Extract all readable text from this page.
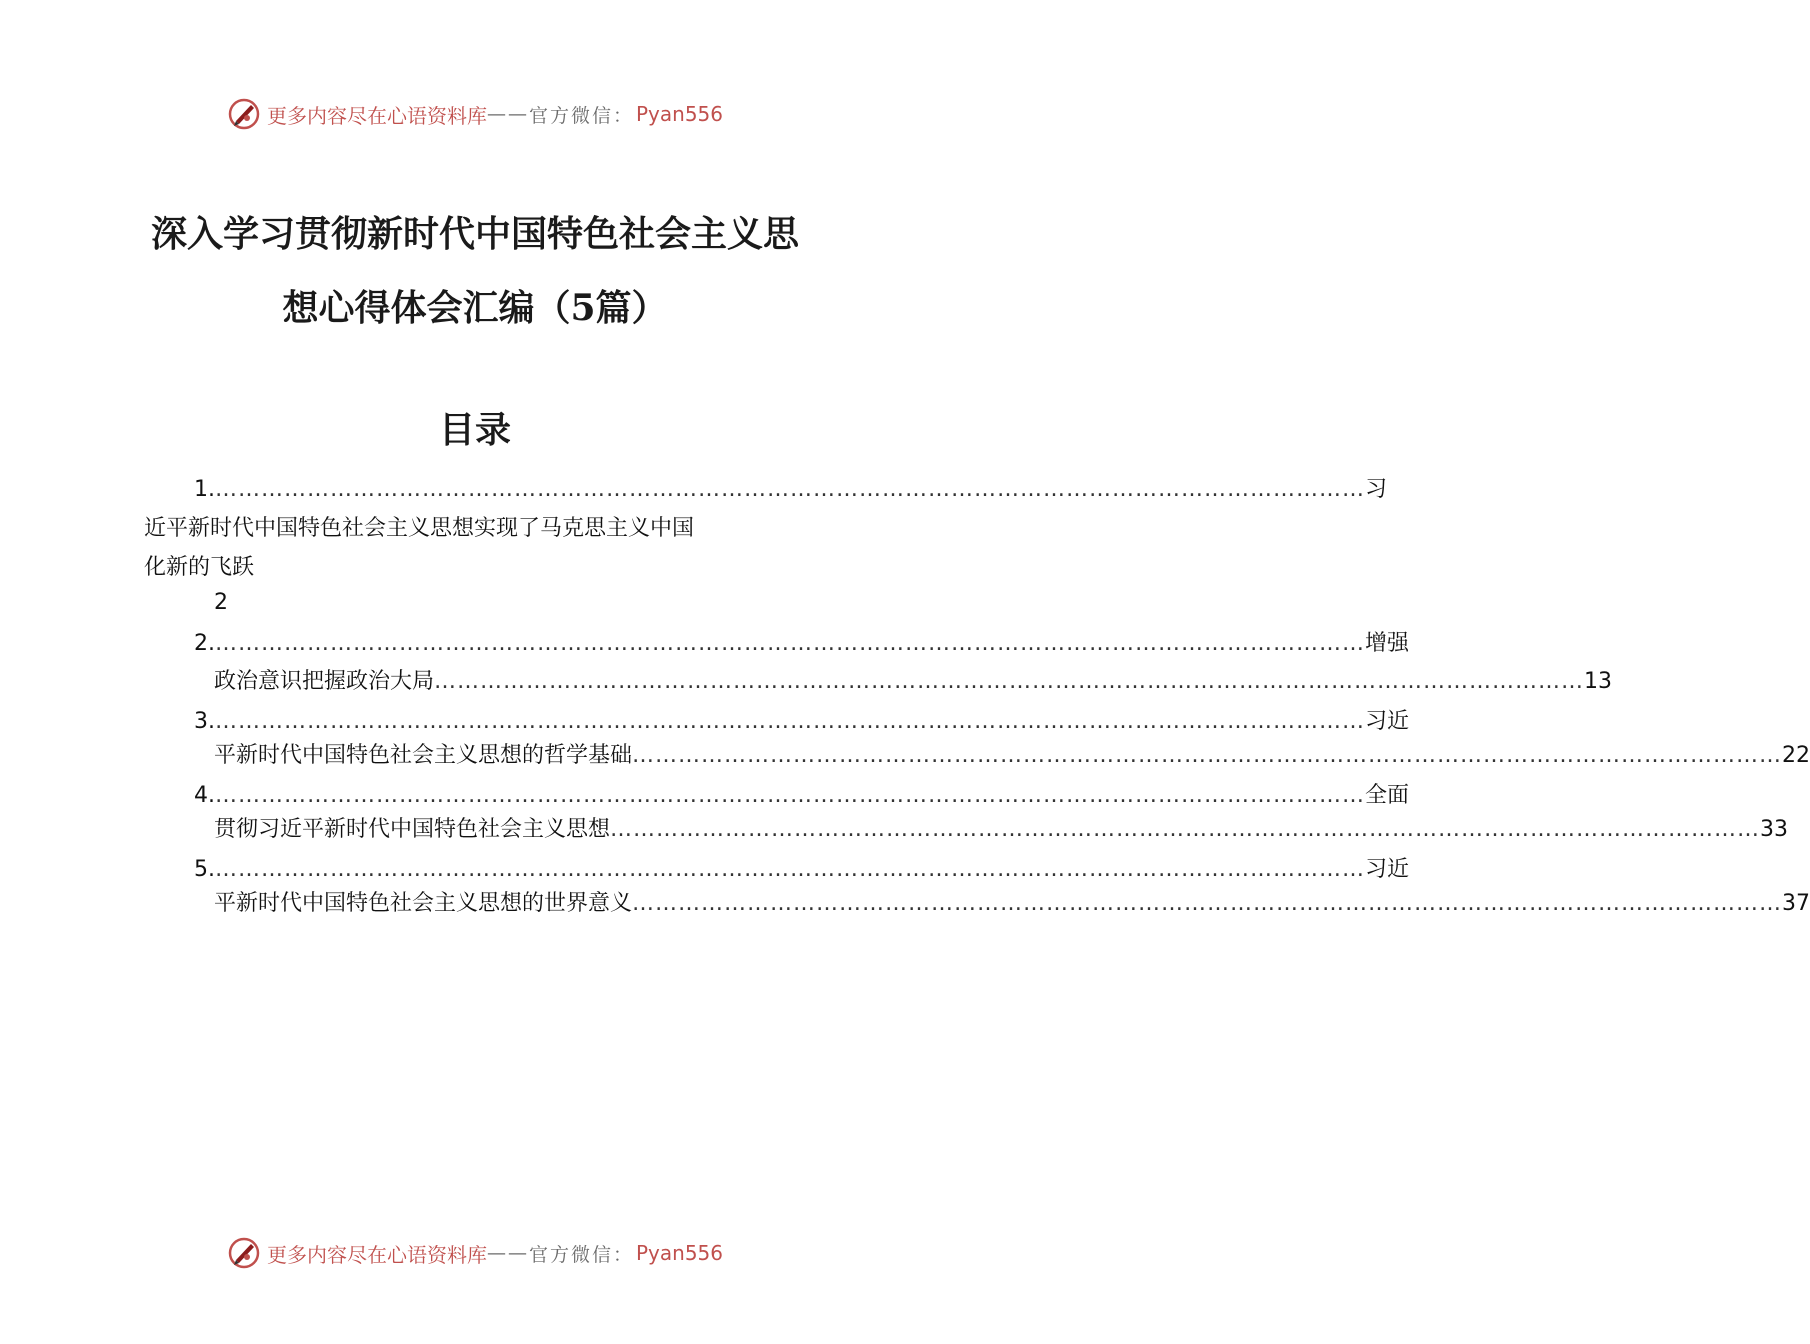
更多内容尽在心语资料库 —— 官方微信： Pyan556
深入学习贯彻新时代中国特色社会主义思
想心得体会汇编（5篇）
目录
1. …………………………………………………………………………………………………………………………………… 习
近平新时代中国特色社会主义思想实现了马克思主义中国
化新的飞跃
2
2. …………………………………………………………………………………………………………………………………… 增强
政治意识把握政治大局 …………………………………………………………………………………………………………………………………… 13
3. …………………………………………………………………………………………………………………………………… 习近
平新时代中国特色社会主义思想的哲学基础 …………………………………………………………………………………………………………………………………… 22
4. …………………………………………………………………………………………………………………………………… 全面
贯彻习近平新时代中国特色社会主义思想 …………………………………………………………………………………………………………………………………… 33
5. …………………………………………………………………………………………………………………………………… 习近
平新时代中国特色社会主义思想的世界意义 …………………………………………………………………………………………………………………………………… 37
更多内容尽在心语资料库 —— 官方微信： Pyan556
